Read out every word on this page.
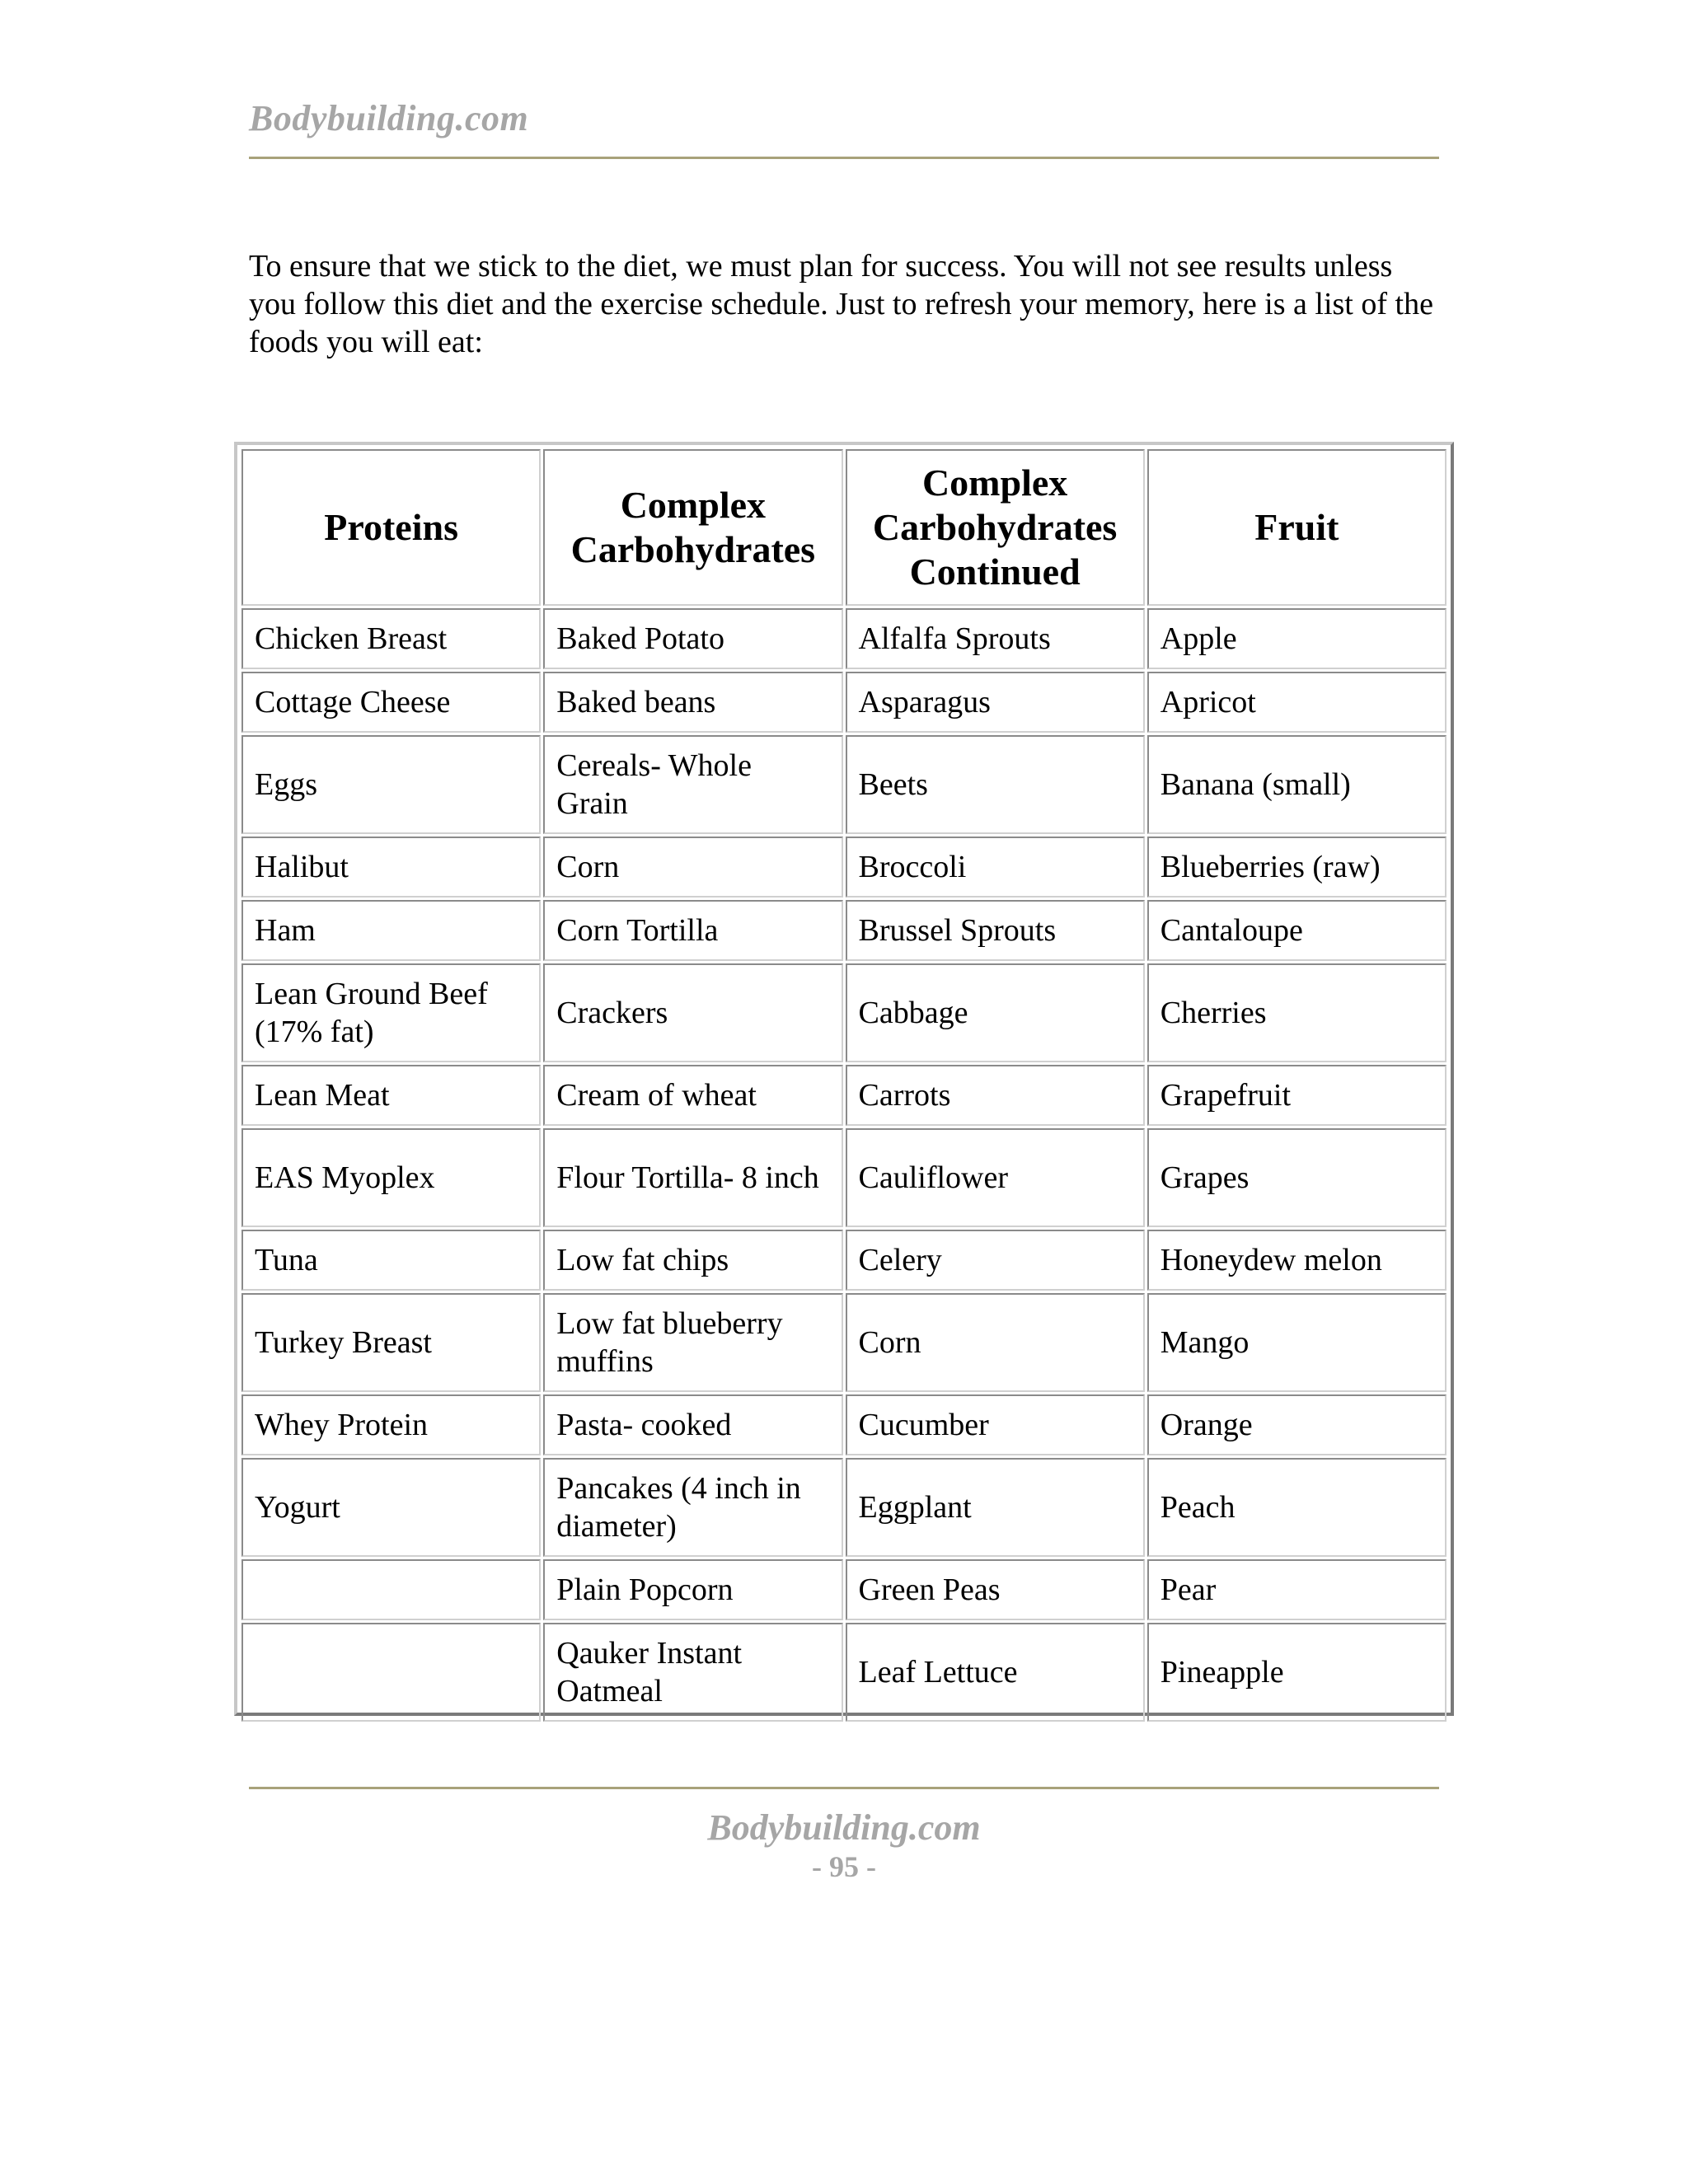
Bodybuilding.com

To ensure that we stick to the diet, we must plan for success. You will not see results unless you follow this diet and the exercise schedule. Just to refresh your memory, here is a list of the foods you will eat:

Proteins	Complex Carbohydrates	Complex Carbohydrates Continued	Fruit
Chicken Breast	Baked Potato	Alfalfa Sprouts	Apple
Cottage Cheese	Baked beans	Asparagus	Apricot
Eggs	Cereals- Whole Grain	Beets	Banana (small)
Halibut	Corn	Broccoli	Blueberries (raw)
Ham	Corn Tortilla	Brussel Sprouts	Cantaloupe
Lean Ground Beef (17% fat)	Crackers	Cabbage	Cherries
Lean Meat	Cream of wheat	Carrots	Grapefruit
EAS Myoplex	Flour Tortilla- 8 inch	Cauliflower	Grapes
Tuna	Low fat chips	Celery	Honeydew melon
Turkey Breast	Low fat blueberry muffins	Corn	Mango
Whey Protein	Pasta- cooked	Cucumber	Orange
Yogurt	Pancakes (4 inch in diameter)	Eggplant	Peach
	Plain Popcorn	Green Peas	Pear
	Qauker Instant Oatmeal	Leaf Lettuce	Pineapple
Bodybuilding.com
- 95 -
